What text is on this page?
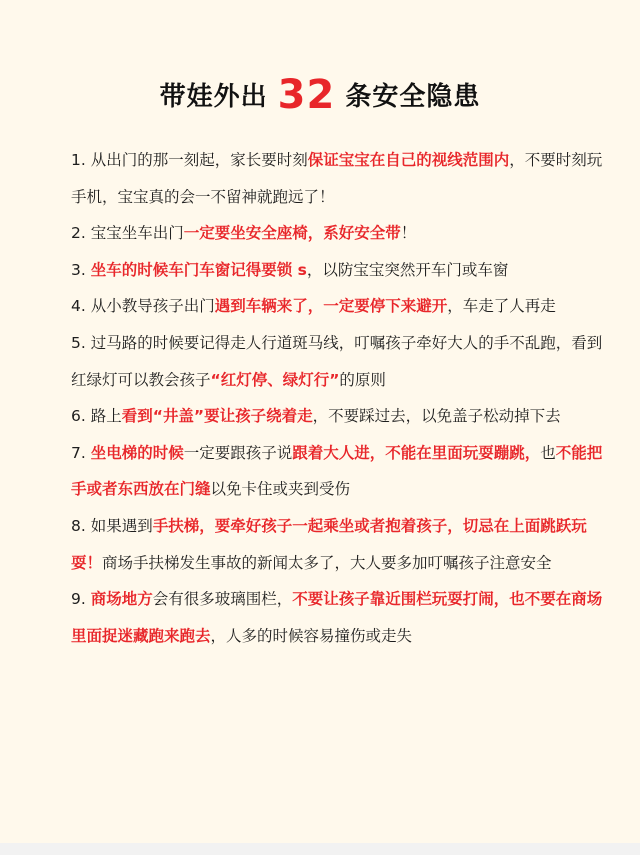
带娃外出 32 条安全隐患

1. 从出门的那一刻起，家长要时刻保证宝宝在自己的视线范围内，不要时刻玩手机，宝宝真的会一不留神就跑远了！

2. 宝宝坐车出门一定要坐安全座椅，系好安全带！

3. 坐车的时候车门车窗记得要锁 s，以防宝宝突然开车门或车窗

4. 从小教导孩子出门遇到车辆来了，一定要停下来避开，车走了人再走

5. 过马路的时候要记得走人行道斑马线，叮嘱孩子牵好大人的手不乱跑，看到红绿灯可以教会孩子“红灯停、绿灯行”的原则

6. 路上看到“井盖”要让孩子绕着走，不要踩过去，以免盖子松动掉下去

7. 坐电梯的时候一定要跟孩子说跟着大人进，不能在里面玩耍蹦跳，也不能把手或者东西放在门缝以免卡住或夹到受伤

8. 如果遇到手扶梯，要牵好孩子一起乘坐或者抱着孩子，切忌在上面跳跃玩耍！商场手扶梯发生事故的新闻太多了，大人要多加叮嘱孩子注意安全

9. 商场地方会有很多玻璃围栏，不要让孩子靠近围栏玩耍打闹，也不要在商场里面捉迷藏跑来跑去，人多的时候容易撞伤或走失
